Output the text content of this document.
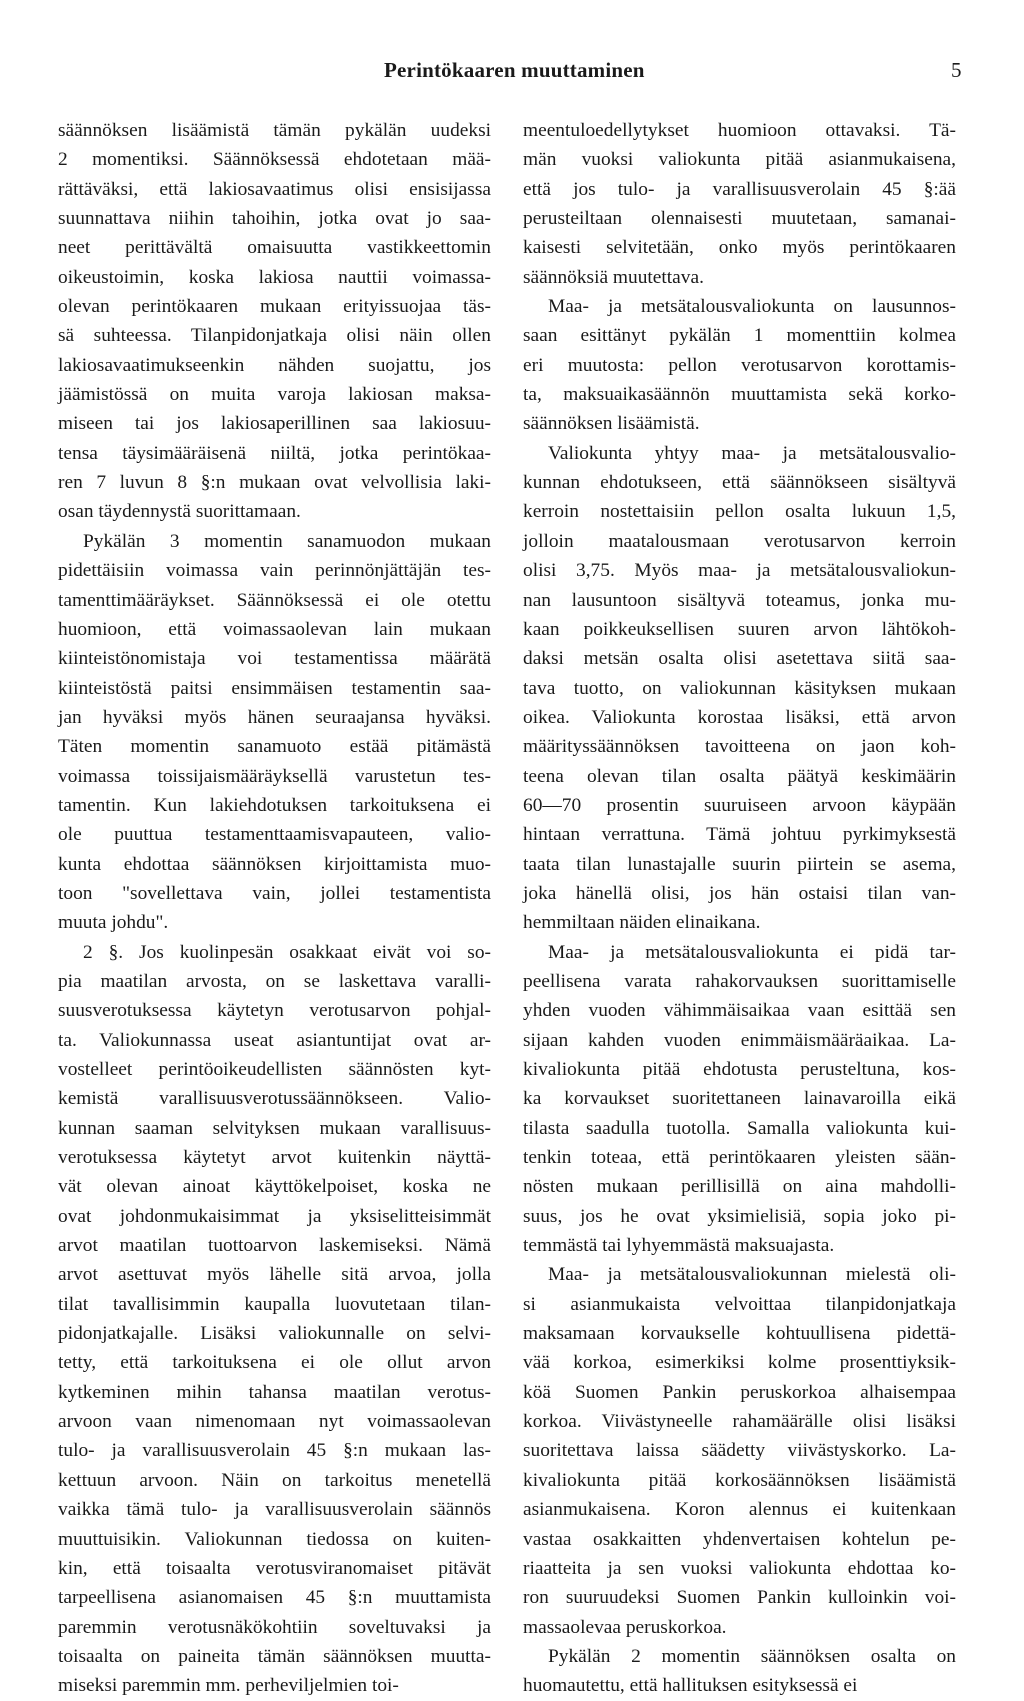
Perintökaaren muuttaminen	5
säännöksen lisäämistä tämän pykälän uudeksi
2 momentiksi. Säännöksessä ehdotetaan mää-
rättäväksi, että lakiosavaatimus olisi ensisijassa
suunnattava niihin tahoihin, jotka ovat jo saa-
neet perittävältä omaisuutta vastikkeettomin
oikeustoimin, koska lakiosa nauttii voimassa-
olevan perintökaaren mukaan erityissuojaa täs-
sä suhteessa. Tilanpidonjatkaja olisi näin ollen
lakiosavaatimukseenkin nähden suojattu, jos
jäämistössä on muita varoja lakiosan maksa-
miseen tai jos lakiosaperillinen saa lakiosuu-
tensa täysimääräisenä niiltä, jotka perintökaa-
ren 7 luvun 8 §:n mukaan ovat velvollisia laki-
osan täydennystä suorittamaan.
Pykälän 3 momentin sanamuodon mukaan
pidettäisiin voimassa vain perinnönjättäjän tes-
tamenttimääräykset. Säännöksessä ei ole otettu
huomioon, että voimassaolevan lain mukaan
kiinteistönomistaja voi testamentissa määrätä
kiinteistöstä paitsi ensimmäisen testamentin saa-
jan hyväksi myös hänen seuraajansa hyväksi.
Täten momentin sanamuoto estää pitämästä
voimassa toissijaismääräyksellä varustetun tes-
tamentin. Kun lakiehdotuksen tarkoituksena ei
ole puuttua testamenttaamisvapauteen, valio-
kunta ehdottaa säännöksen kirjoittamista muo-
toon "sovellettava vain, jollei testamentista
muuta johdu".
2 §. Jos kuolinpesän osakkaat eivät voi so-
pia maatilan arvosta, on se laskettava varalli-
suusverotuksessa käytetyn verotusarvon pohjal-
ta. Valiokunnassa useat asiantuntijat ovat ar-
vostelleet perintöoikeudellisten säännösten kyt-
kemistä varallisuusverotussäännökseen. Valio-
kunnan saaman selvityksen mukaan varallisuus-
verotuksessa käytetyt arvot kuitenkin näyttä-
vät olevan ainoat käyttökelpoiset, koska ne
ovat johdonmukaisimmat ja yksiselitteisimmät
arvot maatilan tuottoarvon laskemiseksi. Nämä
arvot asettuvat myös lähelle sitä arvoa, jolla
tilat tavallisimmin kaupalla luovutetaan tilan-
pidonjatkajalle. Lisäksi valiokunnalle on selvi-
tetty, että tarkoituksena ei ole ollut arvon
kytkeminen mihin tahansa maatilan verotus-
arvoon vaan nimenomaan nyt voimassaolevan
tulo- ja varallisuusverolain 45 §:n mukaan las-
kettuun arvoon. Näin on tarkoitus menetellä
vaikka tämä tulo- ja varallisuusverolain säännös
muuttuisikin. Valiokunnan tiedossa on kuiten-
kin, että toisaalta verotusviranomaiset pitävät
tarpeellisena asianomaisen 45 §:n muuttamista
paremmin verotusnäkökohtiin soveltuvaksi ja
toisaalta on paineita tämän säännöksen muutta-
miseksi paremmin mm. perheviljelmien toi-
meentuloedellytykset huomioon ottavaksi. Tä-
män vuoksi valiokunta pitää asianmukaisena,
että jos tulo- ja varallisuusverolain 45 §:ää
perusteiltaan olennaisesti muutetaan, samanai-
kaisesti selvitetään, onko myös perintökaaren
säännöksiä muutettava.
Maa- ja metsätalousvaliokunta on lausunnos-
saan esittänyt pykälän 1 momenttiin kolmea
eri muutosta: pellon verotusarvon korottamis-
ta, maksuaikasäännön muuttamista sekä korko-
säännöksen lisäämistä.
Valiokunta yhtyy maa- ja metsätalousvalio-
kunnan ehdotukseen, että säännökseen sisältyvä
kerroin nostettaisiin pellon osalta lukuun 1,5,
jolloin maatalousmaan verotusarvon kerroin
olisi 3,75. Myös maa- ja metsätalousvaliokun-
nan lausuntoon sisältyvä toteamus, jonka mu-
kaan poikkeuksellisen suuren arvon lähtökoh-
daksi metsän osalta olisi asetettava siitä saa-
tava tuotto, on valiokunnan käsityksen mukaan
oikea. Valiokunta korostaa lisäksi, että arvon
määrityssäännöksen tavoitteena on jaon koh-
teena olevan tilan osalta päätyä keskimäärin
60—70 prosentin suuruiseen arvoon käypään
hintaan verrattuna. Tämä johtuu pyrkimyksestä
taata tilan lunastajalle suurin piirtein se asema,
joka hänellä olisi, jos hän ostaisi tilan van-
hemmiltaan näiden elinaikana.
Maa- ja metsätalousvaliokunta ei pidä tar-
peellisena varata rahakorvauksen suorittamiselle
yhden vuoden vähimmäisaikaa vaan esittää sen
sijaan kahden vuoden enimmäismääräaikaa. La-
kivaliokunta pitää ehdotusta perusteltuna, kos-
ka korvaukset suoritettaneen lainavaroilla eikä
tilasta saadulla tuotolla. Samalla valiokunta kui-
tenkin toteaa, että perintökaaren yleisten sään-
nösten mukaan perillisillä on aina mahdolli-
suus, jos he ovat yksimielisiä, sopia joko pi-
temmästä tai lyhyemmästä maksuajasta.
Maa- ja metsätalousvaliokunnan mielestä oli-
si asianmukaista velvoittaa tilanpidonjatkaja
maksamaan korvaukselle kohtuullisena pidettä-
vää korkoa, esimerkiksi kolme prosenttiyksik-
köä Suomen Pankin peruskorkoa alhaisempaa
korkoa. Viivästyneelle rahamäärälle olisi lisäksi
suoritettava laissa säädetty viivästyskorko. La-
kivaliokunta pitää korkosäännöksen lisäämistä
asianmukaisena. Koron alennus ei kuitenkaan
vastaa osakkaitten yhdenvertaisen kohtelun pe-
riaatteita ja sen vuoksi valiokunta ehdottaa ko-
ron suuruudeksi Suomen Pankin kulloinkin voi-
massaolevaa peruskorkoa.
Pykälän 2 momentin säännöksen osalta on
huomautettu, että hallituksen esityksessä ei
